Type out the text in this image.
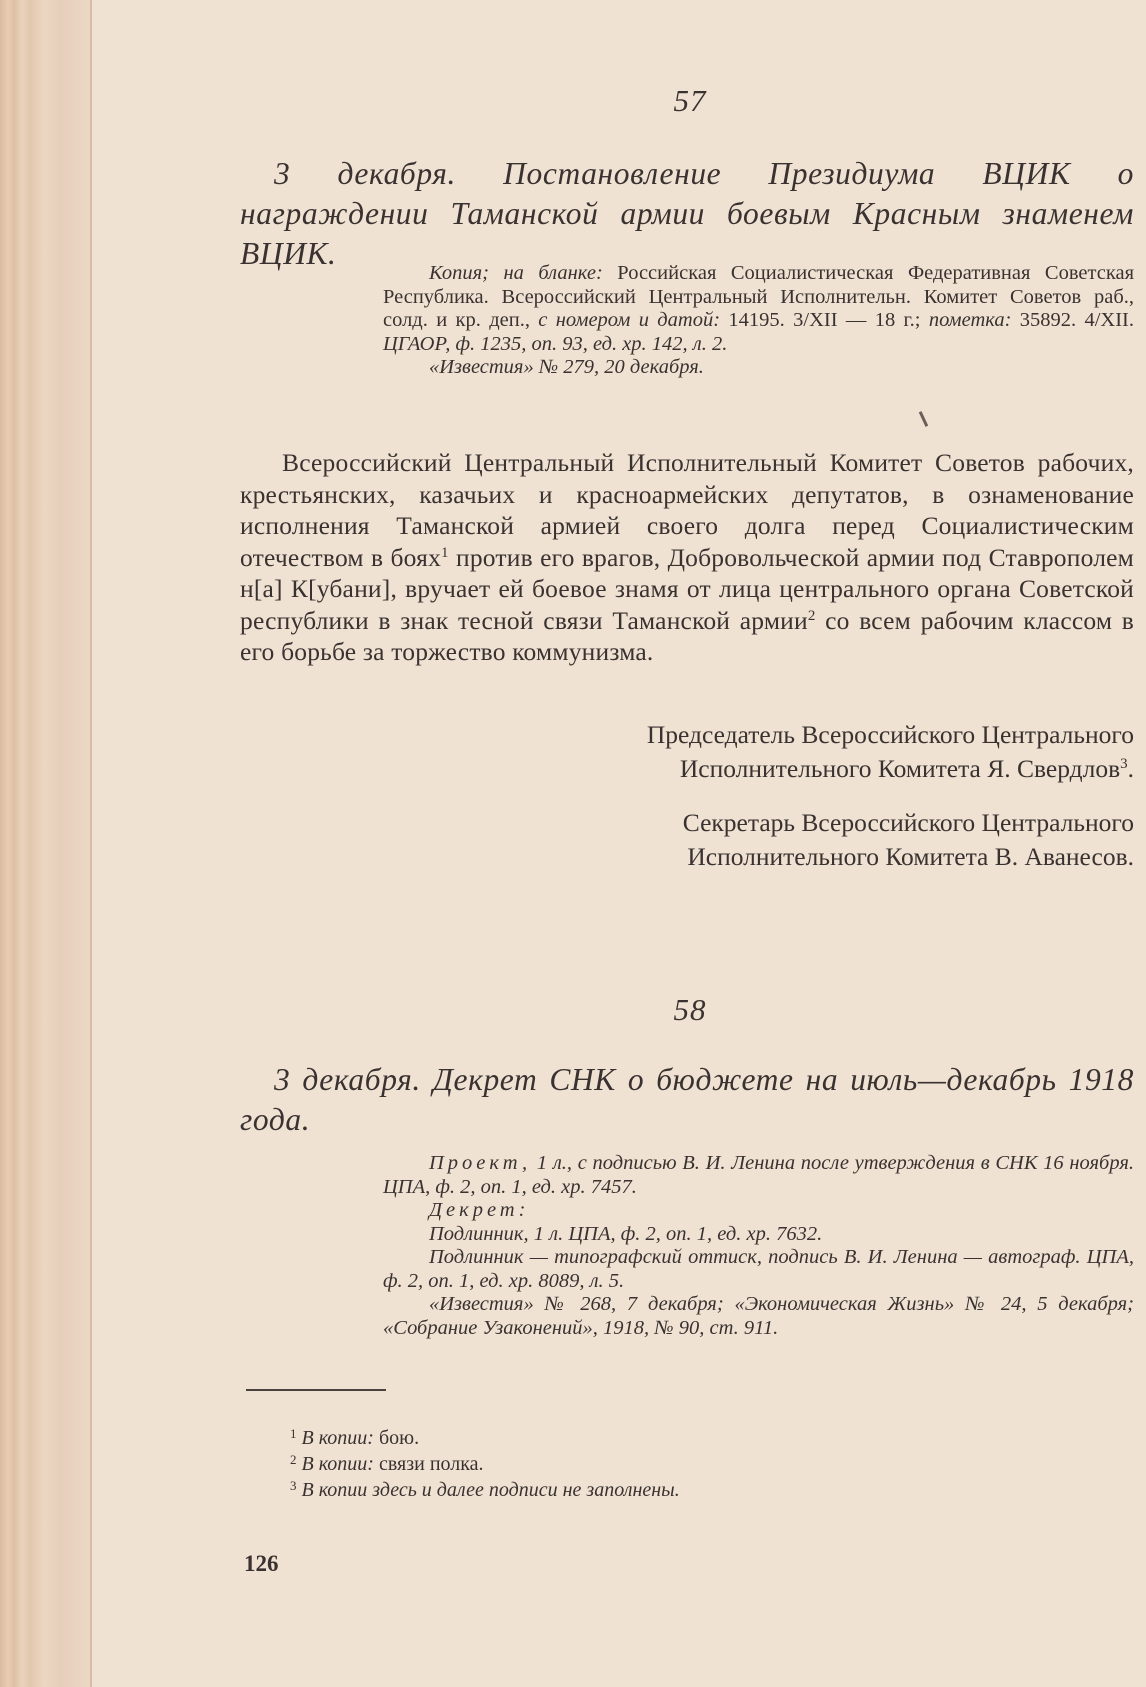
57
3 декабря. Постановление Президиума ВЦИК о награждении Таманской армии боевым Красным знаменем ВЦИК.

Копия; на бланке: Российская Социалистическая Федеративная Советская Республика. Всероссийский Центральный Исполнительн. Комитет Советов раб., солд. и кр. деп., с номером и датой: 14195. 3/XII — 18 г.; пометка: 35892. 4/XII. ЦГАОР, ф. 1235, оп. 93, ед. хр. 142, л. 2.

«Известия» № 279, 20 декабря.

Всероссийский Центральный Исполнительный Комитет Советов рабочих, крестьянских, казачьих и красноармейских депутатов, в ознаменование исполнения Таманской армией своего долга перед Социалистическим отечеством в боях$^1$ против его врагов, Добровольческой армии под Ставрополем н[а] К[убани], вручает ей боевое знамя от лица центрального органа Советской республики в знак тесной связи Таманской армии$^2$ со всем рабочим классом в его борьбе за торжество коммунизма.
Председатель Всероссийского Центрального
Исполнительного Комитета Я. Свердлов$^3$.
Секретарь Всероссийского Центрального
Исполнительного Комитета В. Аванесов.
58
3 декабря. Декрет СНК о бюджете на июль—декабрь 1918 года.

Проект, 1 л., с подписью В. И. Ленина после утверждения в СНК 16 ноября. ЦПА, ф. 2, оп. 1, ед. хр. 7457.

Декрет:

Подлинник, 1 л. ЦПА, ф. 2, оп. 1, ед. хр. 7632.

Подлинник — типографский оттиск, подпись В. И. Ленина — автограф. ЦПА, ф. 2, оп. 1, ед. хр. 8089, л. 5.

«Известия» № 268, 7 декабря; «Экономическая Жизнь» № 24, 5 декабря; «Собрание Узаконений», 1918, № 90, ст. 911.

$^1$ В копии: бою.
$^2$ В копии: связи полка.
$^3$ В копии здесь и далее подписи не заполнены.
126
